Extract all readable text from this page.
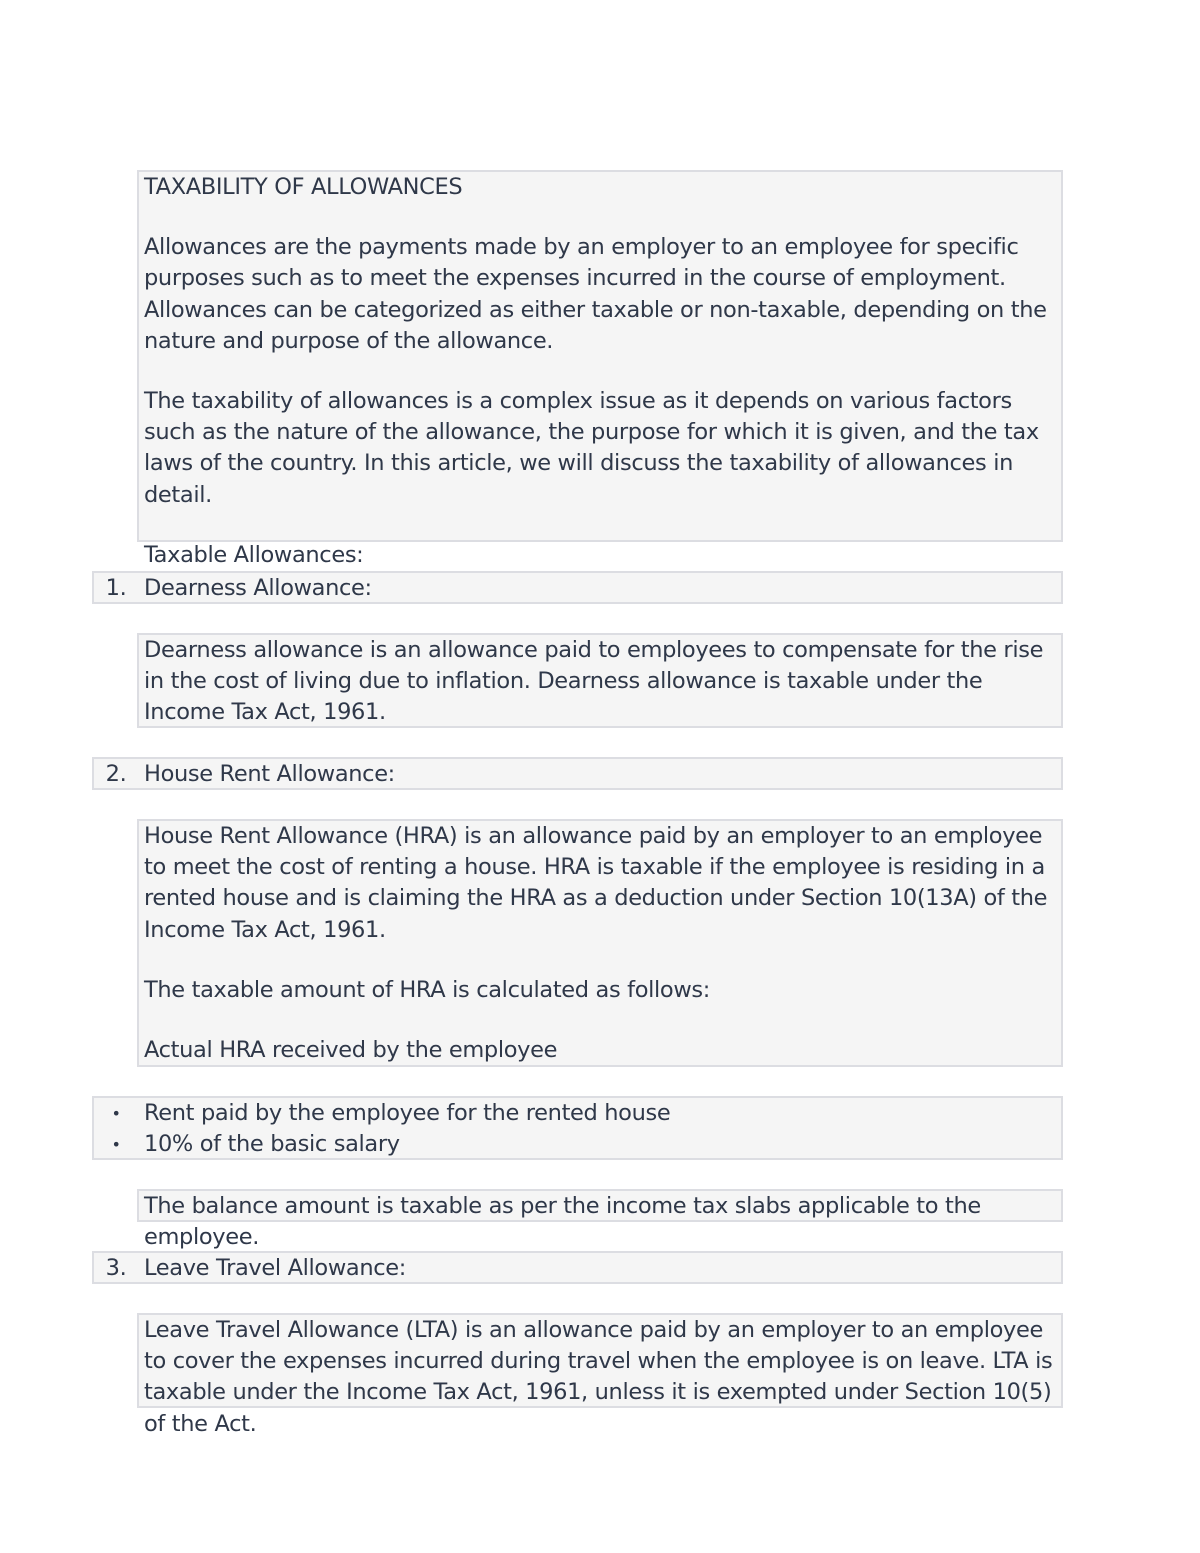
TAXABILITY OF ALLOWANCES

Allowances are the payments made by an employer to an employee for specific purposes such as to meet the expenses incurred in the course of employment. Allowances can be categorized as either taxable or non-taxable, depending on the nature and purpose of the allowance.

The taxability of allowances is a complex issue as it depends on various factors such as the nature of the allowance, the purpose for which it is given, and the tax laws of the country. In this article, we will discuss the taxability of allowances in detail.

Taxable Allowances:

1. Dearness Allowance:

Dearness allowance is an allowance paid to employees to compensate for the rise in the cost of living due to inflation. Dearness allowance is taxable under the Income Tax Act, 1961.

2. House Rent Allowance:

House Rent Allowance (HRA) is an allowance paid by an employer to an employee to meet the cost of renting a house. HRA is taxable if the employee is residing in a rented house and is claiming the HRA as a deduction under Section 10(13A) of the Income Tax Act, 1961.

The taxable amount of HRA is calculated as follows:

Actual HRA received by the employee

•	Rent paid by the employee for the rented house
•	10% of the basic salary

The balance amount is taxable as per the income tax slabs applicable to the employee.

3. Leave Travel Allowance:

Leave Travel Allowance (LTA) is an allowance paid by an employer to an employee to cover the expenses incurred during travel when the employee is on leave. LTA is taxable under the Income Tax Act, 1961, unless it is exempted under Section 10(5) of the Act.
